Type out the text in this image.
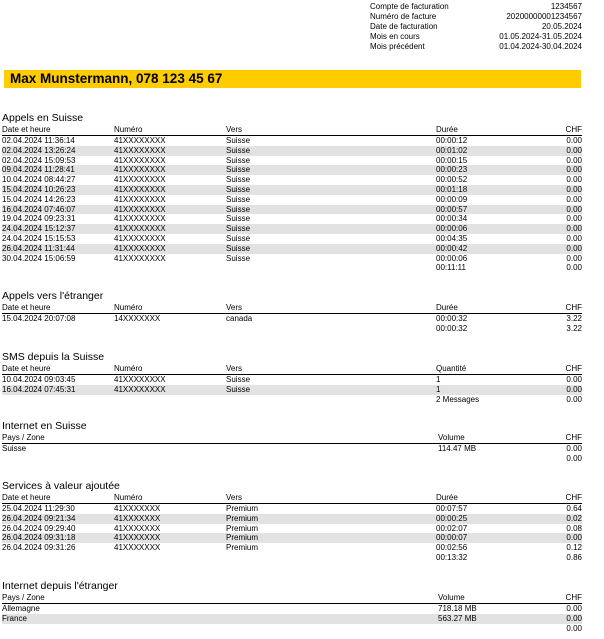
Compte de facturation	1234567
Numéro de facture	20200000001234567
Date de facturation	20.05.2024
Mois en cours	01.05.2024-31.05.2024
Mois précédent	01.04.2024-30.04.2024
Max Munstermann, 078 123 45 67
Appels en Suisse
Date et heure	Numéro	Vers	Durée	CHF
02.04.2024 11:36:14	41XXXXXXXX	Suisse	00:00:12	0.00
02.04.2024 13:26:24	41XXXXXXXX	Suisse	00:01:02	0.00
02.04.2024 15:09:53	41XXXXXXXX	Suisse	00:00:15	0.00
09.04.2024 11:28:41	41XXXXXXXX	Suisse	00:00:23	0.00
10.04.2024 08:44:27	41XXXXXXXX	Suisse	00:00:52	0.00
15.04.2024 10:26:23	41XXXXXXXX	Suisse	00:01:18	0.00
15.04.2024 14:26:23	41XXXXXXXX	Suisse	00:00:09	0.00
16.04.2024 07:46:07	41XXXXXXXX	Suisse	00:00:57	0.00
19.04.2024 09:23:31	41XXXXXXXX	Suisse	00:00:34	0.00
24.04.2024 15:12:37	41XXXXXXXX	Suisse	00:00:06	0.00
24.04.2024 15:15:53	41XXXXXXXX	Suisse	00:04:35	0.00
26.04.2024 11:31:44	41XXXXXXXX	Suisse	00:00:42	0.00
30.04.2024 15:06:59	41XXXXXXXX	Suisse	00:00:06	0.00
00:11:11	0.00
Appels vers l'étranger
Date et heure	Numéro	Vers	Durée	CHF
15.04.2024 20:07:08	14XXXXXXX	canada	00:00:32	3.22
00:00:32	3.22
SMS depuis la Suisse
Date et heure	Numéro	Vers	Quantité	CHF
10.04.2024 09:03:45	41XXXXXXXX	Suisse	1	0.00
16.04.2024 07:45:31	41XXXXXXXX	Suisse	1	0.00
2 Messages	0.00
Internet en Suisse
Pays / Zone	Volume	CHF
Suisse	114.47 MB	0.00
0.00
Services à valeur ajoutée
Date et heure	Numéro	Vers	Durée	CHF
25.04.2024 11:29:30	41XXXXXXX	Premium	00:07:57	0.64
26.04.2024 09:21:34	41XXXXXXX	Premium	00:00:25	0.02
26.04.2024 09:29:40	41XXXXXXX	Premium	00:02:07	0.08
26.04.2024 09:31:18	41XXXXXXX	Premium	00:00:07	0.00
26.04.2024 09:31:26	41XXXXXXX	Premium	00:02:56	0.12
00:13:32	0.86
Internet depuis l'étranger
Pays / Zone	Volume	CHF
Allemagne	718.18 MB	0.00
France	563.27 MB	0.00
0.00
